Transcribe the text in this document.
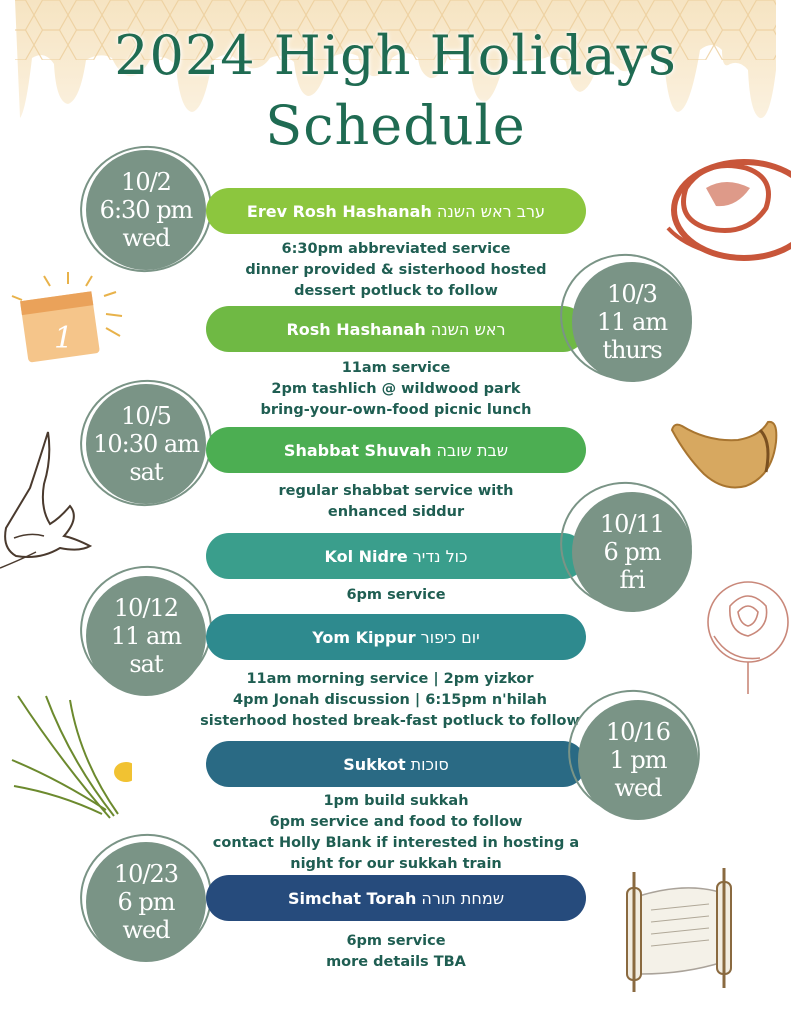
2024 High Holidays
Schedule
1
10/2
6:30 pm
wed
Erev Rosh Hashanah ערב ראש השנה
6:30pm abbreviated service
dinner provided & sisterhood hosted
dessert potluck to follow
Rosh Hashanah ראש השנה
10/3
11 am
thurs
11am service
2pm tashlich @ wildwood park
bring-your-own-food picnic lunch
10/5
10:30 am
sat
Shabbat Shuvah שבת שובה
regular shabbat service with
enhanced siddur
Kol Nidre כול נדיר
10/11
6 pm
fri
6pm service
10/12
11 am
sat
Yom Kippur יום כיפור
11am morning service | 2pm yizkor
4pm Jonah discussion | 6:15pm n'hilah
sisterhood hosted break-fast potluck to follow
Sukkot סוכות
10/16
1 pm
wed
1pm build sukkah
6pm service and food to follow
contact Holly Blank if interested in hosting a
night for our sukkah train
10/23
6 pm
wed
Simchat Torah שמחת תורה
6pm service
more details TBA
